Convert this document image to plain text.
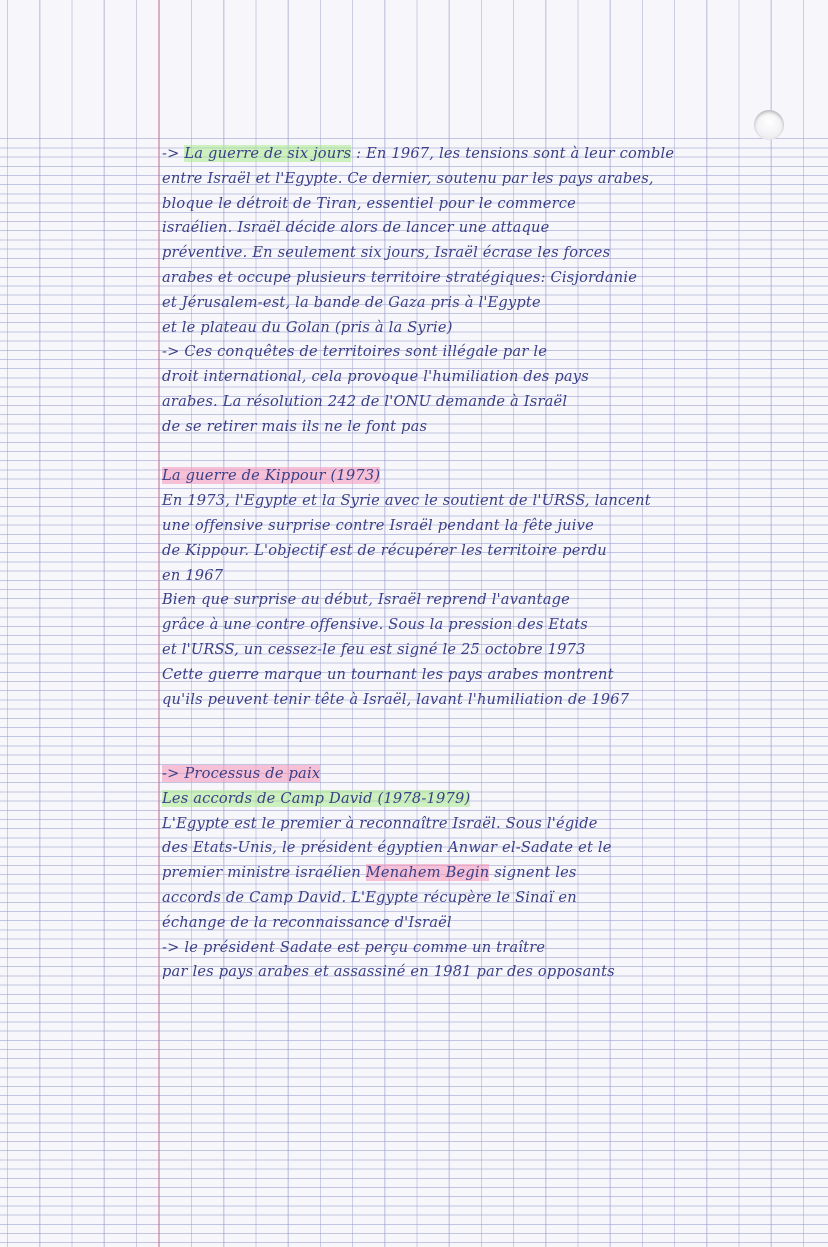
-> La guerre de six jours : En 1967, les tensions sont à leur comble

entre Israël et l'Egypte. Ce dernier, soutenu par les pays arabes,

bloque le détroit de Tiran, essentiel pour le commerce

israélien. Israël décide alors de lancer une attaque

préventive. En seulement six jours, Israël écrase les forces

arabes et occupe plusieurs territoire stratégiques: Cisjordanie

et Jérusalem-est, la bande de Gaza pris à l'Egypte

et le plateau du Golan (pris à la Syrie)

-> Ces conquêtes de territoires sont illégale par le

droit international, cela provoque l'humiliation des pays

arabes. La résolution 242 de l'ONU demande à Israël

de se retirer mais ils ne le font pas

La guerre de Kippour (1973)

En 1973, l'Egypte et la Syrie avec le soutient de l'URSS, lancent

une offensive surprise contre Israël pendant la fête juive

de Kippour. L'objectif est de récupérer les territoire perdu

en 1967

Bien que surprise au début, Israël reprend l'avantage

grâce à une contre offensive. Sous la pression des Etats

et l'URSS, un cessez-le feu est signé le 25 octobre 1973

Cette guerre marque un tournant les pays arabes montrent

qu'ils peuvent tenir tête à Israël, lavant l'humiliation de 1967

-> Processus de paix

Les accords de Camp David (1978-1979)

L'Egypte est le premier à reconnaître Israël. Sous l'égide

des Etats-Unis, le président égyptien Anwar el-Sadate et le

premier ministre israélien Menahem Begin signent les

accords de Camp David. L'Egypte récupère le Sinaï en

échange de la reconnaissance d'Israël

-> le président Sadate est perçu comme un traître

par les pays arabes et assassiné en 1981 par des opposants
